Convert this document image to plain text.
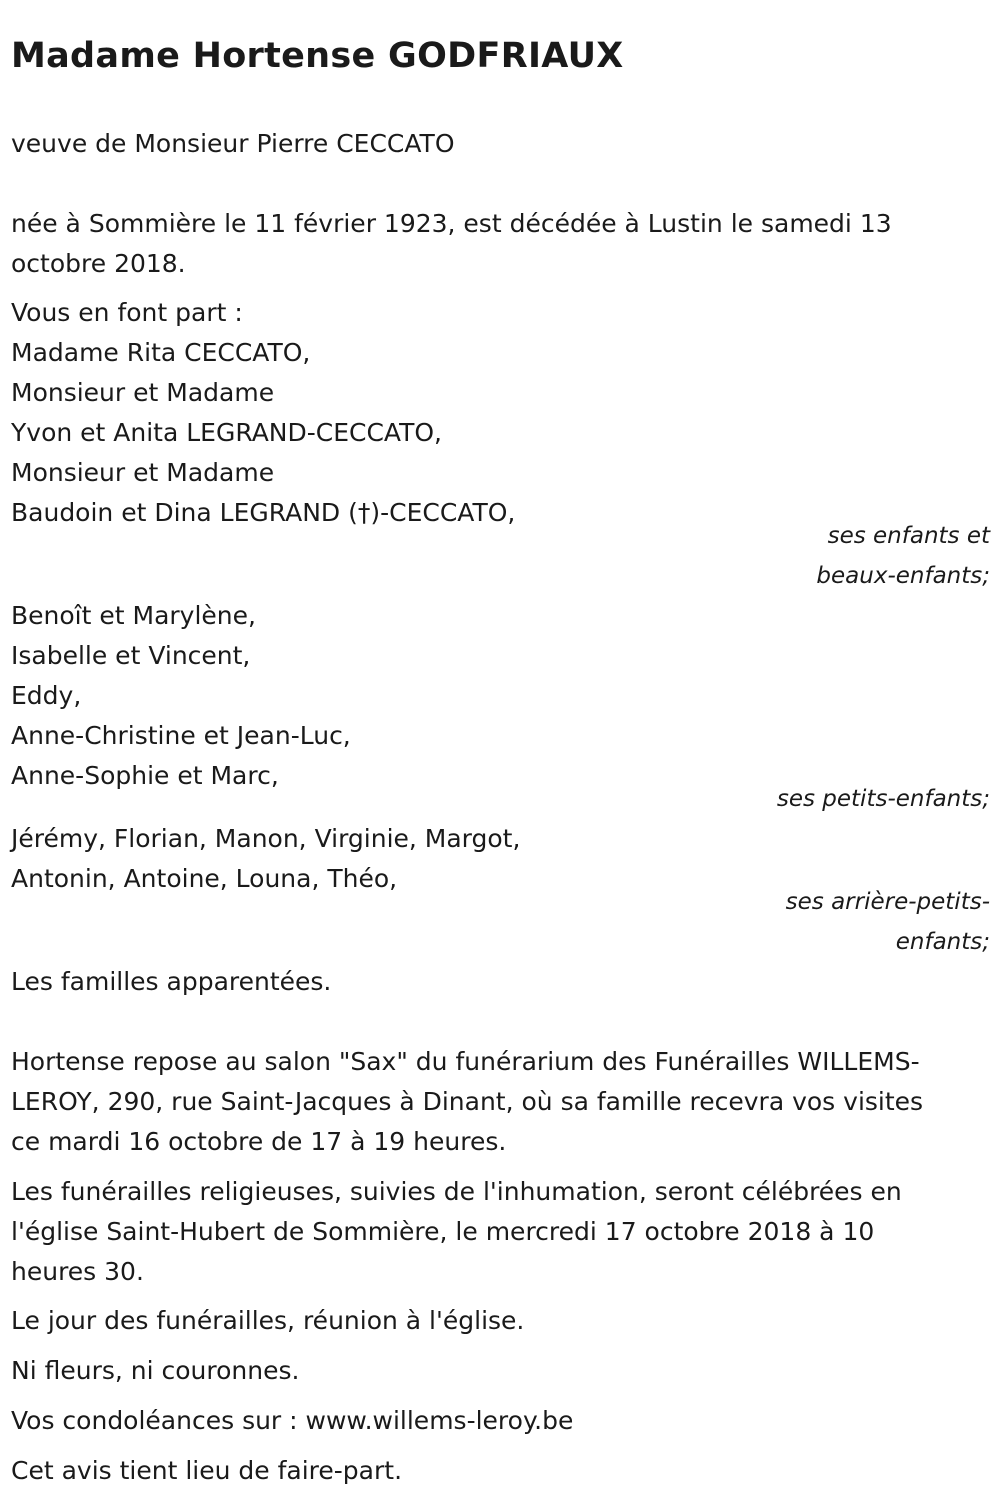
Madame Hortense GODFRIAUX

veuve de Monsieur Pierre CECCATO

née à Sommière le 11 février 1923, est décédée à Lustin le samedi 13

octobre 2018.

Vous en font part :

Madame Rita CECCATO,

Monsieur et Madame

Yvon et Anita LEGRAND-CECCATO,

Monsieur et Madame

Baudoin et Dina LEGRAND (†)-CECCATO,

ses enfants et
beaux-enfants;

Benoît et Marylène,

Isabelle et Vincent,

Eddy,

Anne-Christine et Jean-Luc,

Anne-Sophie et Marc,

ses petits-enfants;

Jérémy, Florian, Manon, Virginie, Margot,

Antonin, Antoine, Louna, Théo,

ses arrière-petits-
enfants;

Les familles apparentées.

Hortense repose au salon "Sax" du funérarium des Funérailles WILLEMS-

LEROY, 290, rue Saint-Jacques à Dinant, où sa famille recevra vos visites

ce mardi 16 octobre de 17 à 19 heures.

Les funérailles religieuses, suivies de l'inhumation, seront célébrées en

l'église Saint-Hubert de Sommière, le mercredi 17 octobre 2018 à 10

heures 30.

Le jour des funérailles, réunion à l'église.

Ni fleurs, ni couronnes.

Vos condoléances sur : www.willems-leroy.be

Cet avis tient lieu de faire-part.
